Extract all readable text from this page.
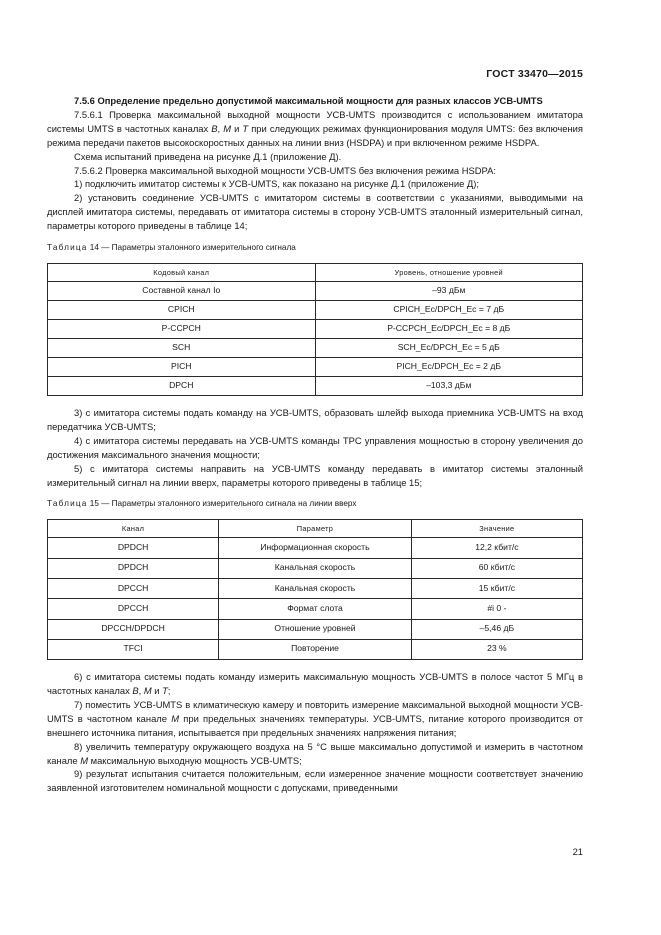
ГОСТ 33470—2015

7.5.6 Определение предельно допустимой максимальной мощности для разных классов УСВ-UMTS

7.5.6.1 Проверка максимальной выходной мощности УСВ-UMTS производится с использованием имитатора системы UMTS в частотных каналах В, М и Т при следующих режимах функционирования модуля UMTS: без включения режима передачи пакетов высокоскоростных данных на линии вниз (HSDPA) и при включенном режиме HSDPA.

Схема испытаний приведена на рисунке Д.1 (приложение Д).

7.5.6.2 Проверка максимальной выходной мощности УСВ-UMTS без включения режима HSDPA:

1) подключить имитатор системы к УСВ-UMTS, как показано на рисунке Д.1 (приложение Д);

2) установить соединение УСВ-UMTS с имитатором системы в соответствии с указаниями, выводимыми на дисплей имитатора системы, передавать от имитатора системы в сторону УСВ-UMTS эталонный измерительный сигнал, параметры которого приведены в таблице 14;

Таблица 14 — Параметры эталонного измерительного сигнала

Кодовый канал	Уровень, отношение уровней
Составной канал Io	–93 дБм
CPICH	CPICH_Ec/DPCH_Ec = 7 дБ
P-CCPCH	P-CCPCH_Ec/DPCH_Ec = 8 дБ
SCH	SCH_Ec/DPCH_Ec = 5 дБ
PICH	PICH_Ec/DPCH_Ec = 2 дБ
DPCH	–103,3 дБм

3) с имитатора системы подать команду на УСВ-UMTS, образовать шлейф выхода приемника УСВ-UMTS на вход передатчика УСВ-UMTS;

4) с имитатора системы передавать на УСВ-UMTS команды TPC управления мощностью в сторону увеличения до достижения максимального значения мощности;

5) с имитатора системы направить на УСВ-UMTS команду передавать в имитатор системы эталонный измерительный сигнал на линии вверх, параметры которого приведены в таблице 15;

Таблица 15 — Параметры эталонного измерительного сигнала на линии вверх

Канал	Параметр	Значение
DPDCH	Информационная скорость	12,2 кбит/с
DPDCH	Канальная скорость	60 кбит/с
DPCCH	Канальная скорость	15 кбит/с
DPCCH	Формат слота	#i 0 -
DPCCH/DPDCH	Отношение уровней	–5,46 дБ
TFCI	Повторение	23 %

6) с имитатора системы подать команду измерить максимальную мощность УСВ-UMTS в полосе частот 5 МГц в частотных каналах В, М и Т;

7) поместить УСВ-UMTS в климатическую камеру и повторить измерение максимальной выходной мощности УСВ-UMTS в частотном канале М при предельных значениях температуры. УСВ-UMTS, питание которого производится от внешнего источника питания, испытывается при предельных значениях напряжения питания;

8) увеличить температуру окружающего воздуха на 5 °С выше максимально допустимой и измерить в частотном канале М максимальную выходную мощность УСВ-UMTS;

9) результат испытания считается положительным, если измеренное значение мощности соответствует значению заявленной изготовителем номинальной мощности с допусками, приведенными

21
